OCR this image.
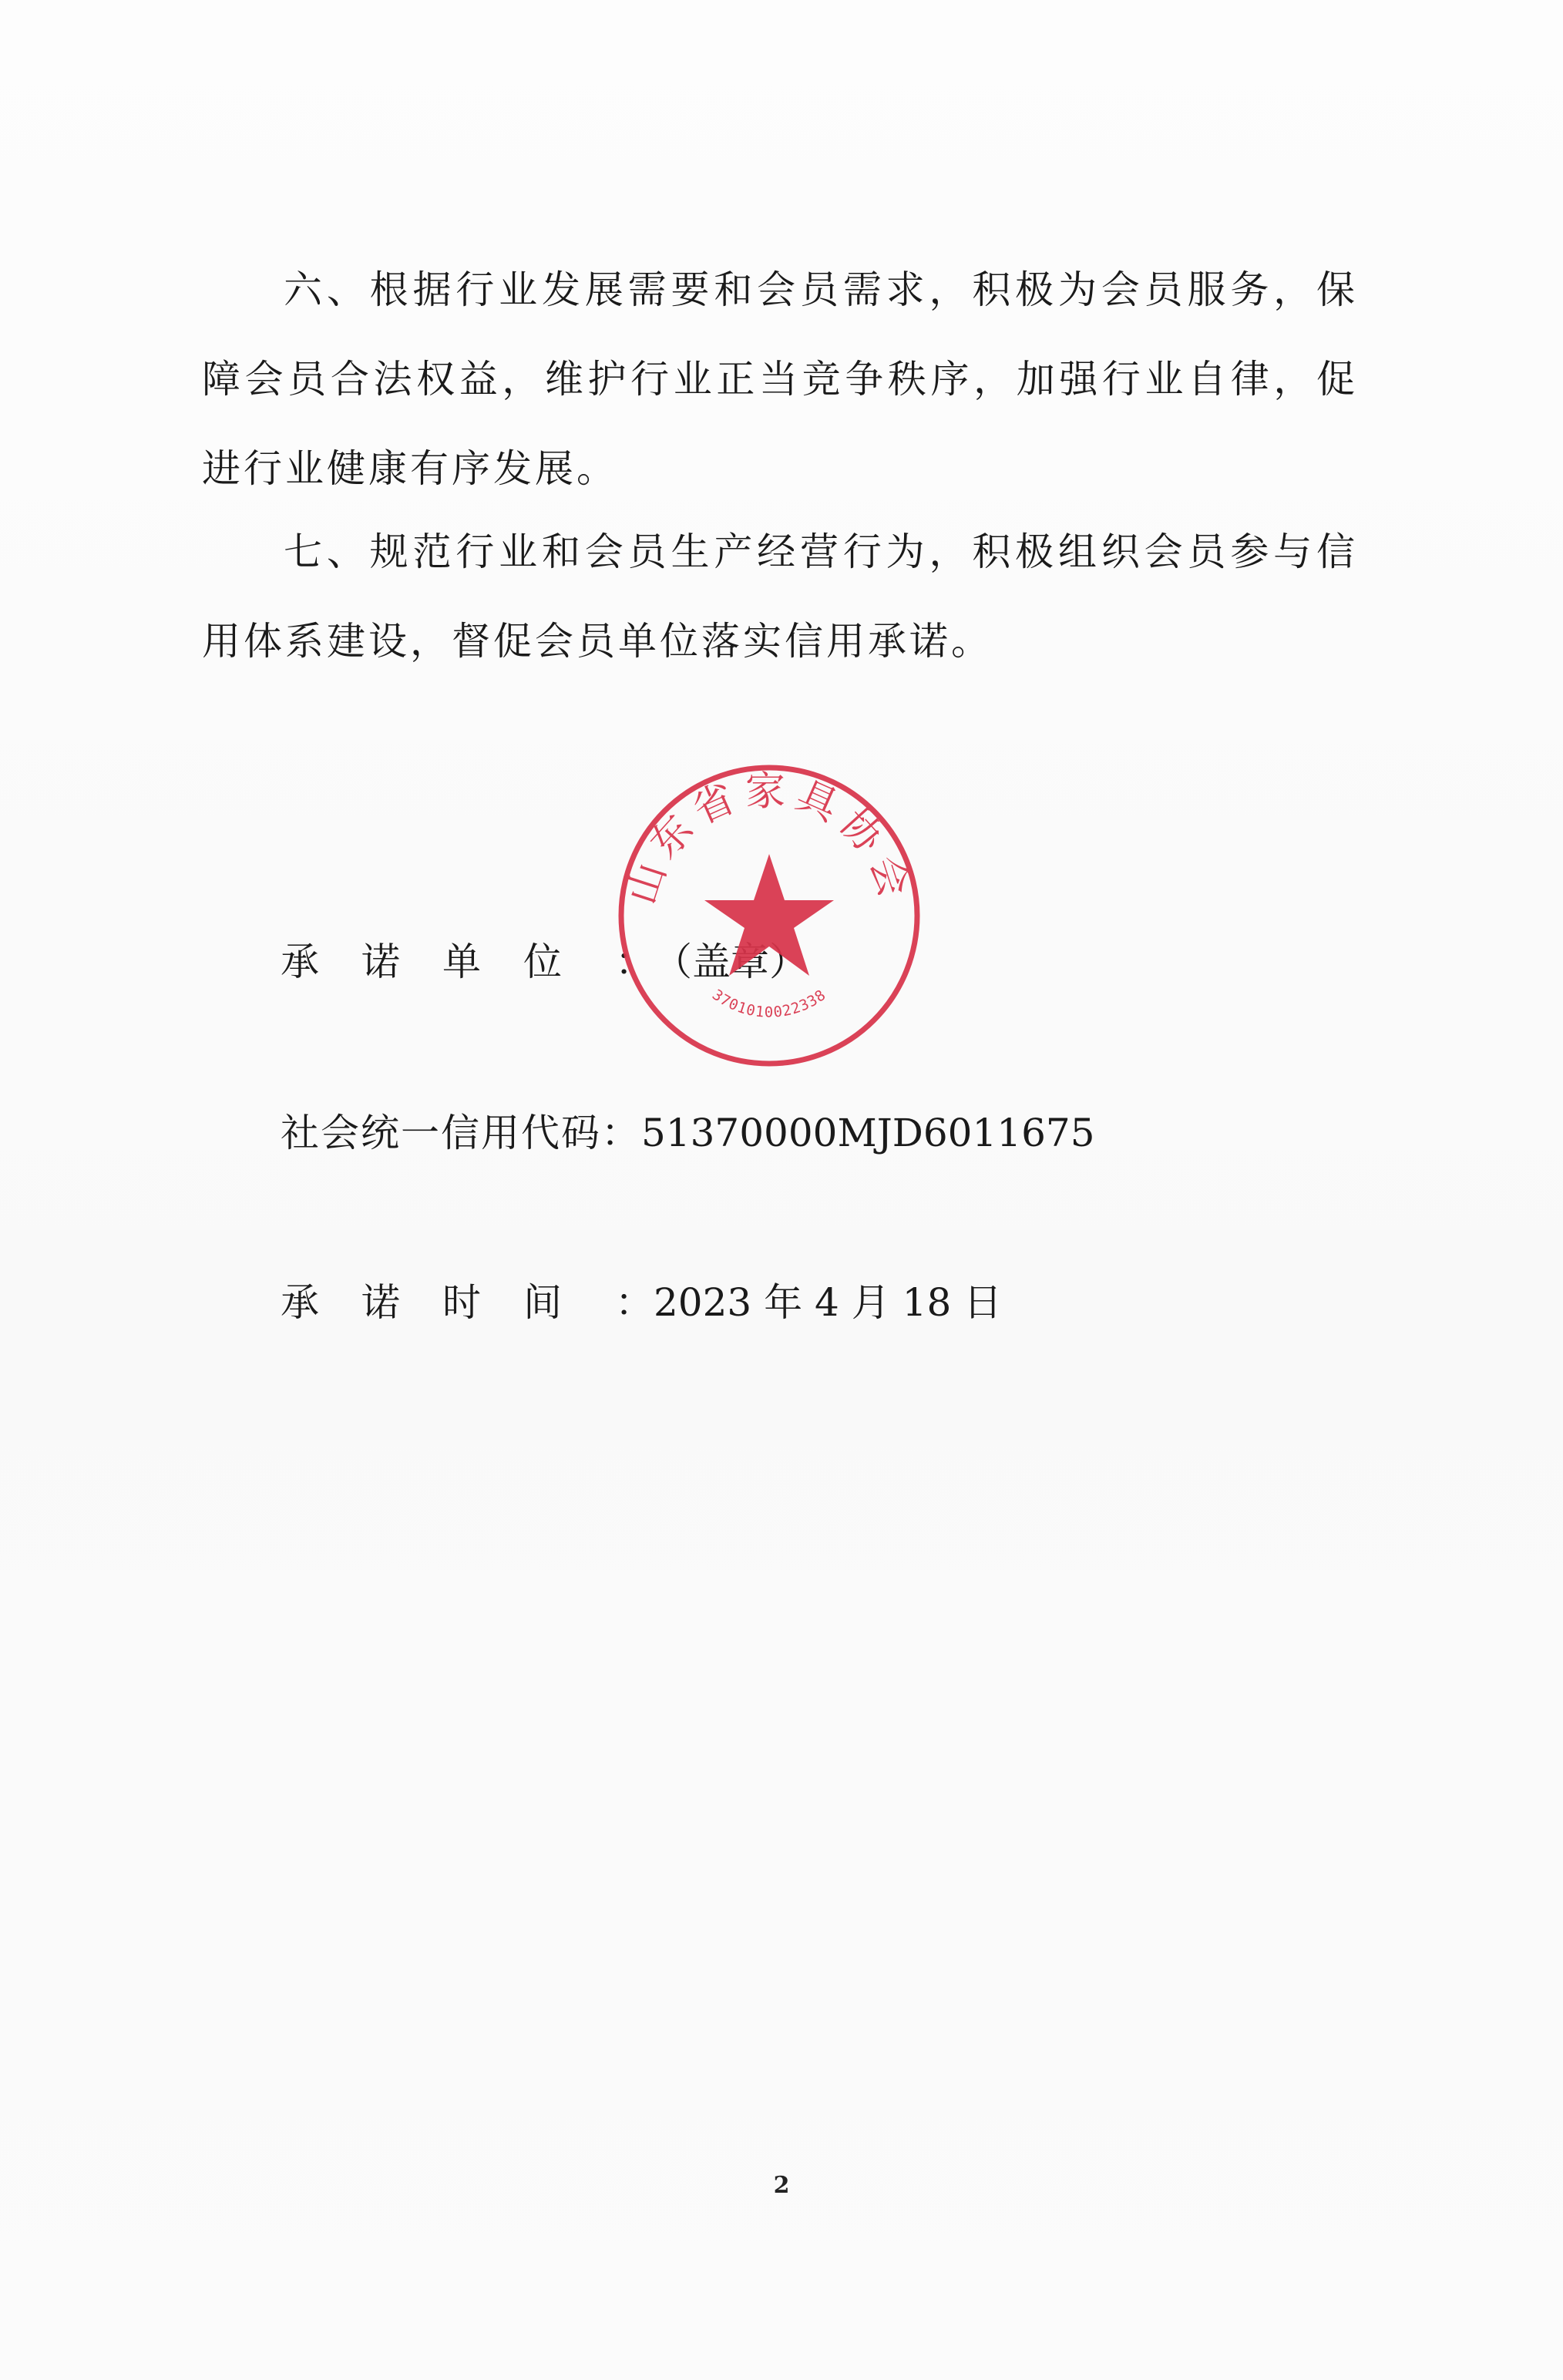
六、根据行业发展需要和会员需求，积极为会员服务，保障会员合法权益，维护行业正当竞争秩序，加强行业自律，促进行业健康有序发展。

七、规范行业和会员生产经营行为，积极组织会员参与信用体系建设，督促会员单位落实信用承诺。

承 诺 单 位 ：（盖章）
社会统一信用代码：51370000MJD6011675
承 诺 时 间 ：2023 年 4 月 18 日
山东省家具协会
3701010022338
2
